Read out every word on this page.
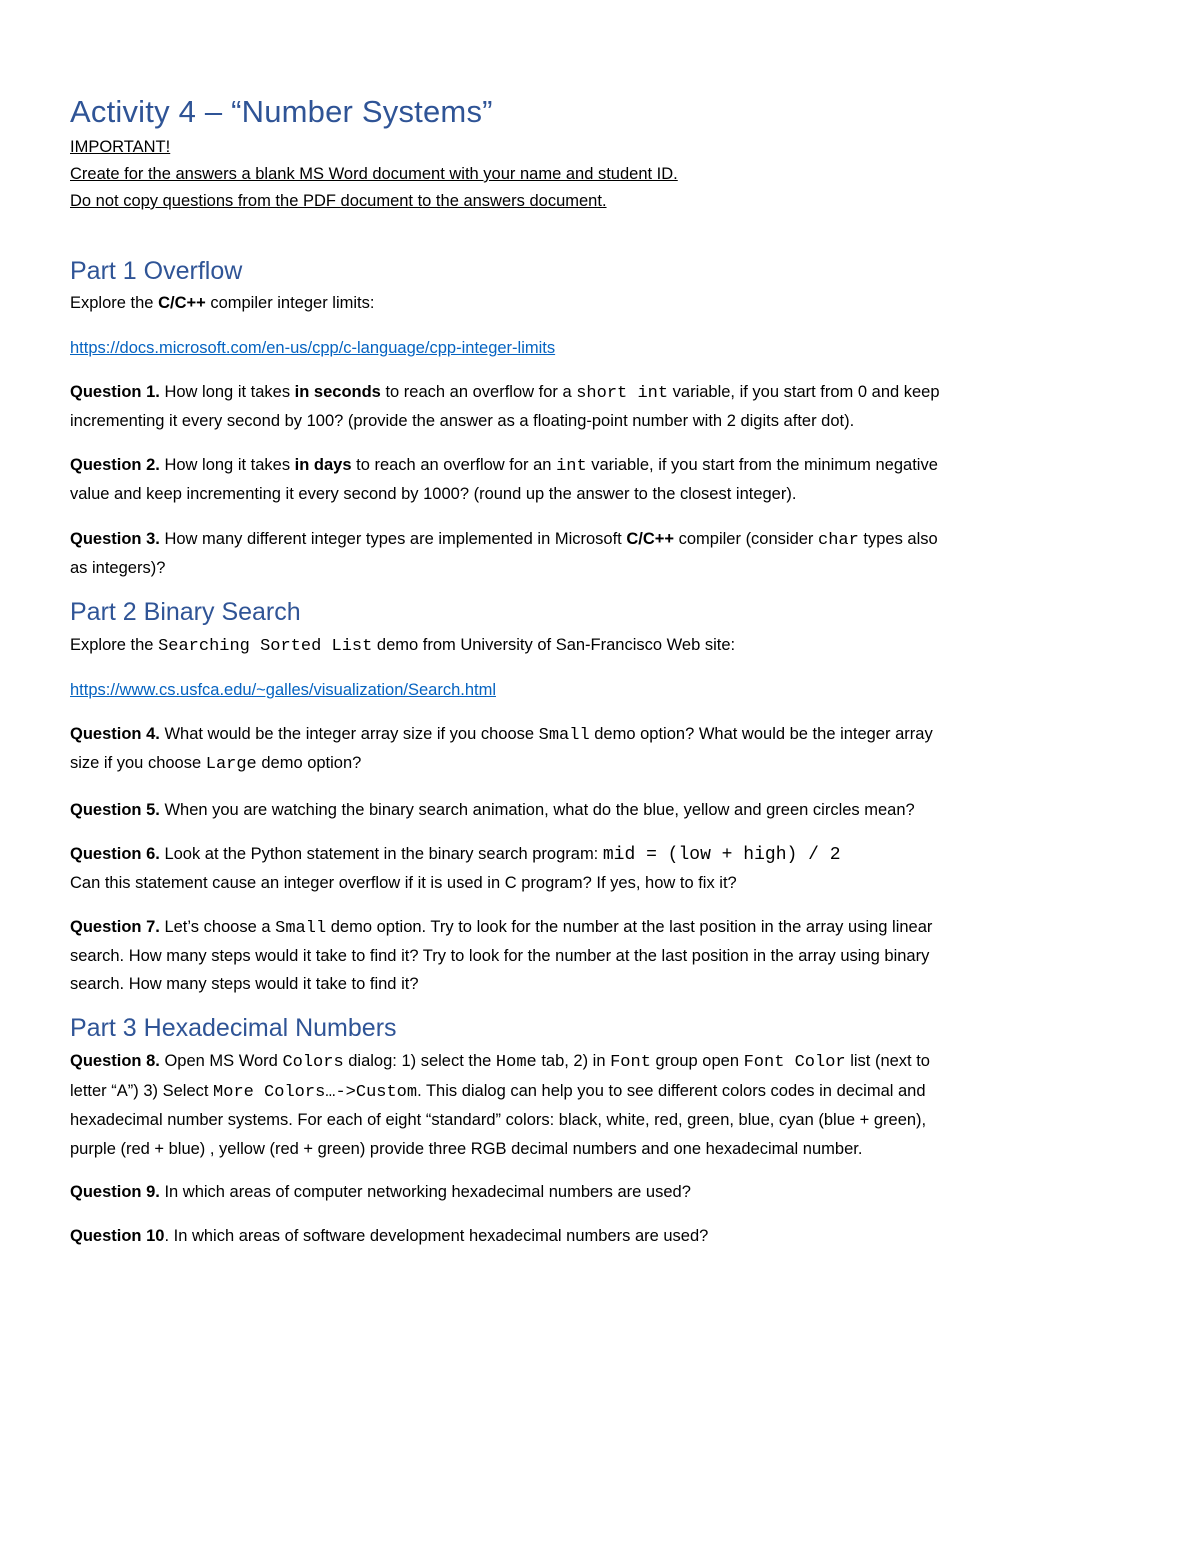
Activity 4 – “Number Systems”
IMPORTANT!
Create for the answers a blank MS Word document with your name and student ID.
Do not copy questions from the PDF document to the answers document.
Part 1 Overflow
Explore the C/C++ compiler integer limits:
https://docs.microsoft.com/en-us/cpp/c-language/cpp-integer-limits
Question 1. How long it takes in seconds to reach an overflow for a short int variable, if you start from 0 and keep
incrementing it every second by 100? (provide the answer as a floating-point number with 2 digits after dot).
Question 2. How long it takes in days to reach an overflow for an int variable, if you start from the minimum negative
value and keep incrementing it every second by 1000? (round up the answer to the closest integer).
Question 3. How many different integer types are implemented in Microsoft C/C++ compiler (consider char types also
as integers)?
Part 2 Binary Search
Explore the Searching Sorted List demo from University of San-Francisco Web site:
https://www.cs.usfca.edu/~galles/visualization/Search.html
Question 4. What would be the integer array size if you choose Small demo option? What would be the integer array
size if you choose Large demo option?
Question 5. When you are watching the binary search animation, what do the blue, yellow and green circles mean?
Question 6. Look at the Python statement in the binary search program: mid = (low + high) / 2
Can this statement cause an integer overflow if it is used in C program? If yes, how to fix it?
Question 7. Let’s choose a Small demo option. Try to look for the number at the last position in the array using linear
search. How many steps would it take to find it? Try to look for the number at the last position in the array using binary
search. How many steps would it take to find it?
Part 3 Hexadecimal Numbers
Question 8. Open MS Word Colors dialog: 1) select the Home tab, 2) in Font group open Font Color list (next to
letter “A”) 3) Select More Colors…->Custom. This dialog can help you to see different colors codes in decimal and
hexadecimal number systems. For each of eight “standard” colors: black, white, red, green, blue, cyan (blue + green),
purple (red + blue) , yellow (red + green) provide three RGB decimal numbers and one hexadecimal number.
Question 9. In which areas of computer networking hexadecimal numbers are used?
Question 10. In which areas of software development hexadecimal numbers are used?
